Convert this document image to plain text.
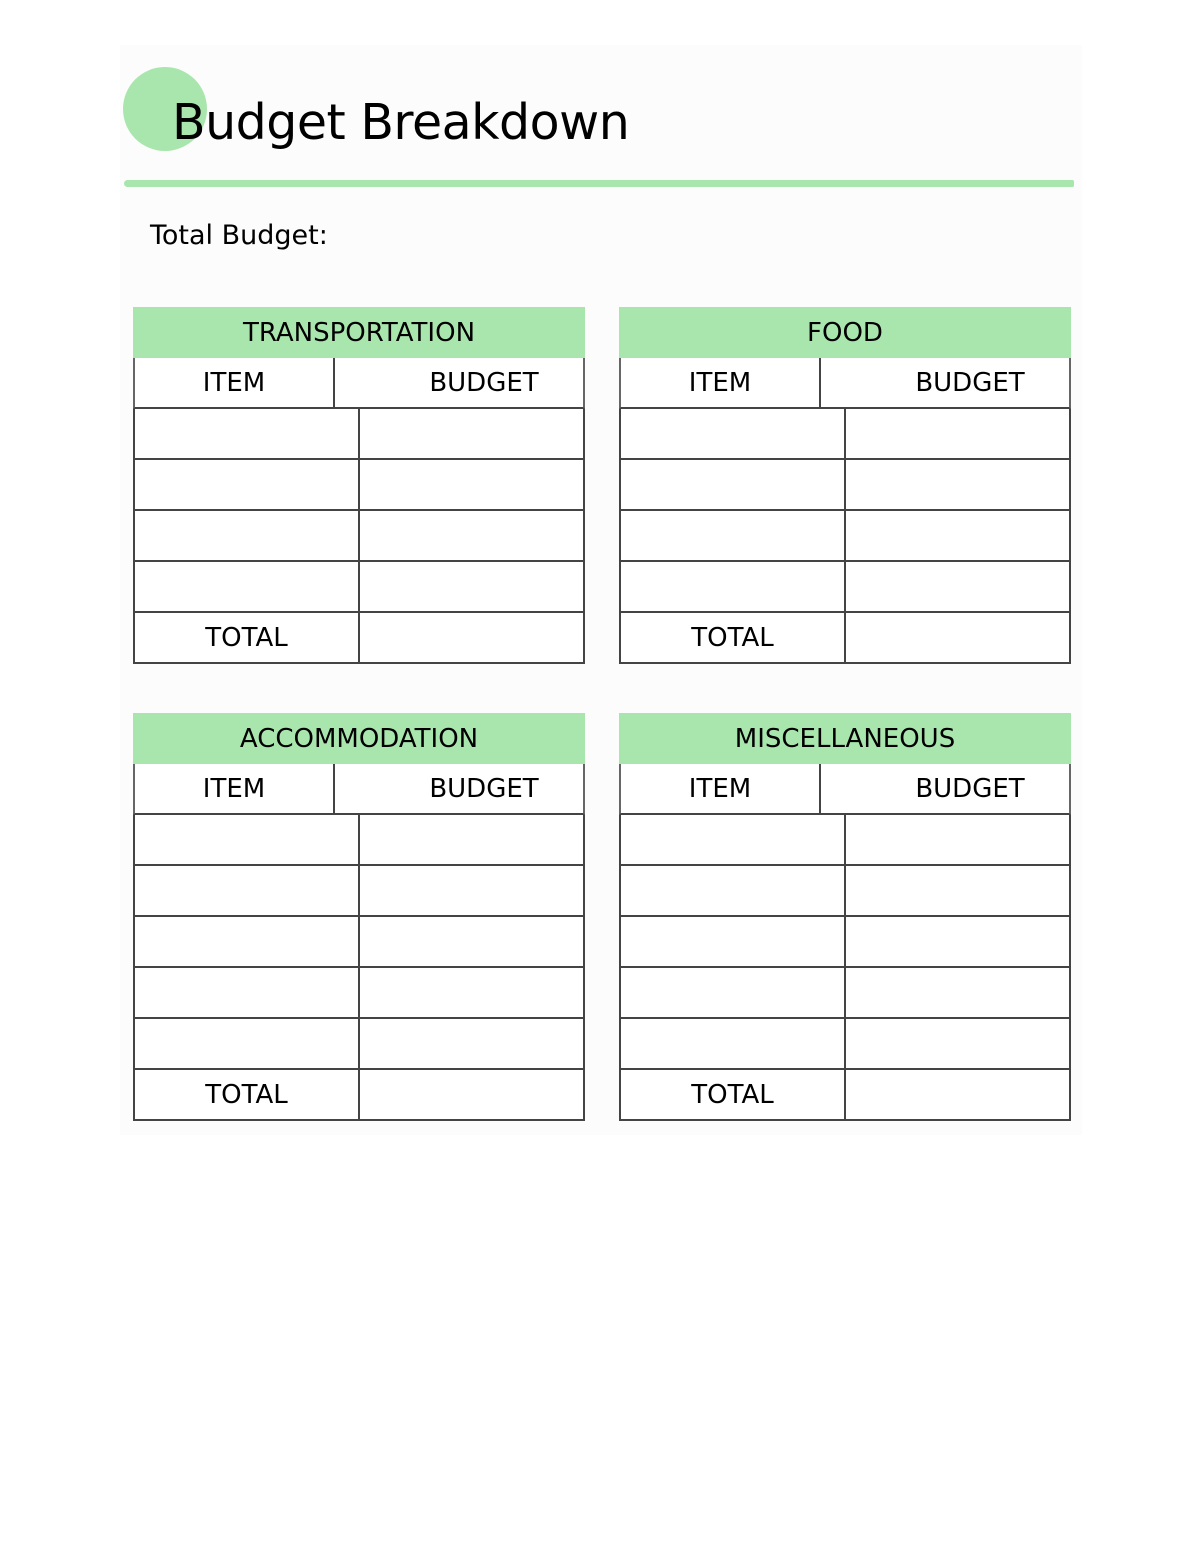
Budget Breakdown
Total Budget:
TRANSPORTATION
ITEM	BUDGET
TOTAL
FOOD
ITEM	BUDGET
TOTAL
ACCOMMODATION
ITEM	BUDGET
TOTAL
MISCELLANEOUS
ITEM	BUDGET
TOTAL
